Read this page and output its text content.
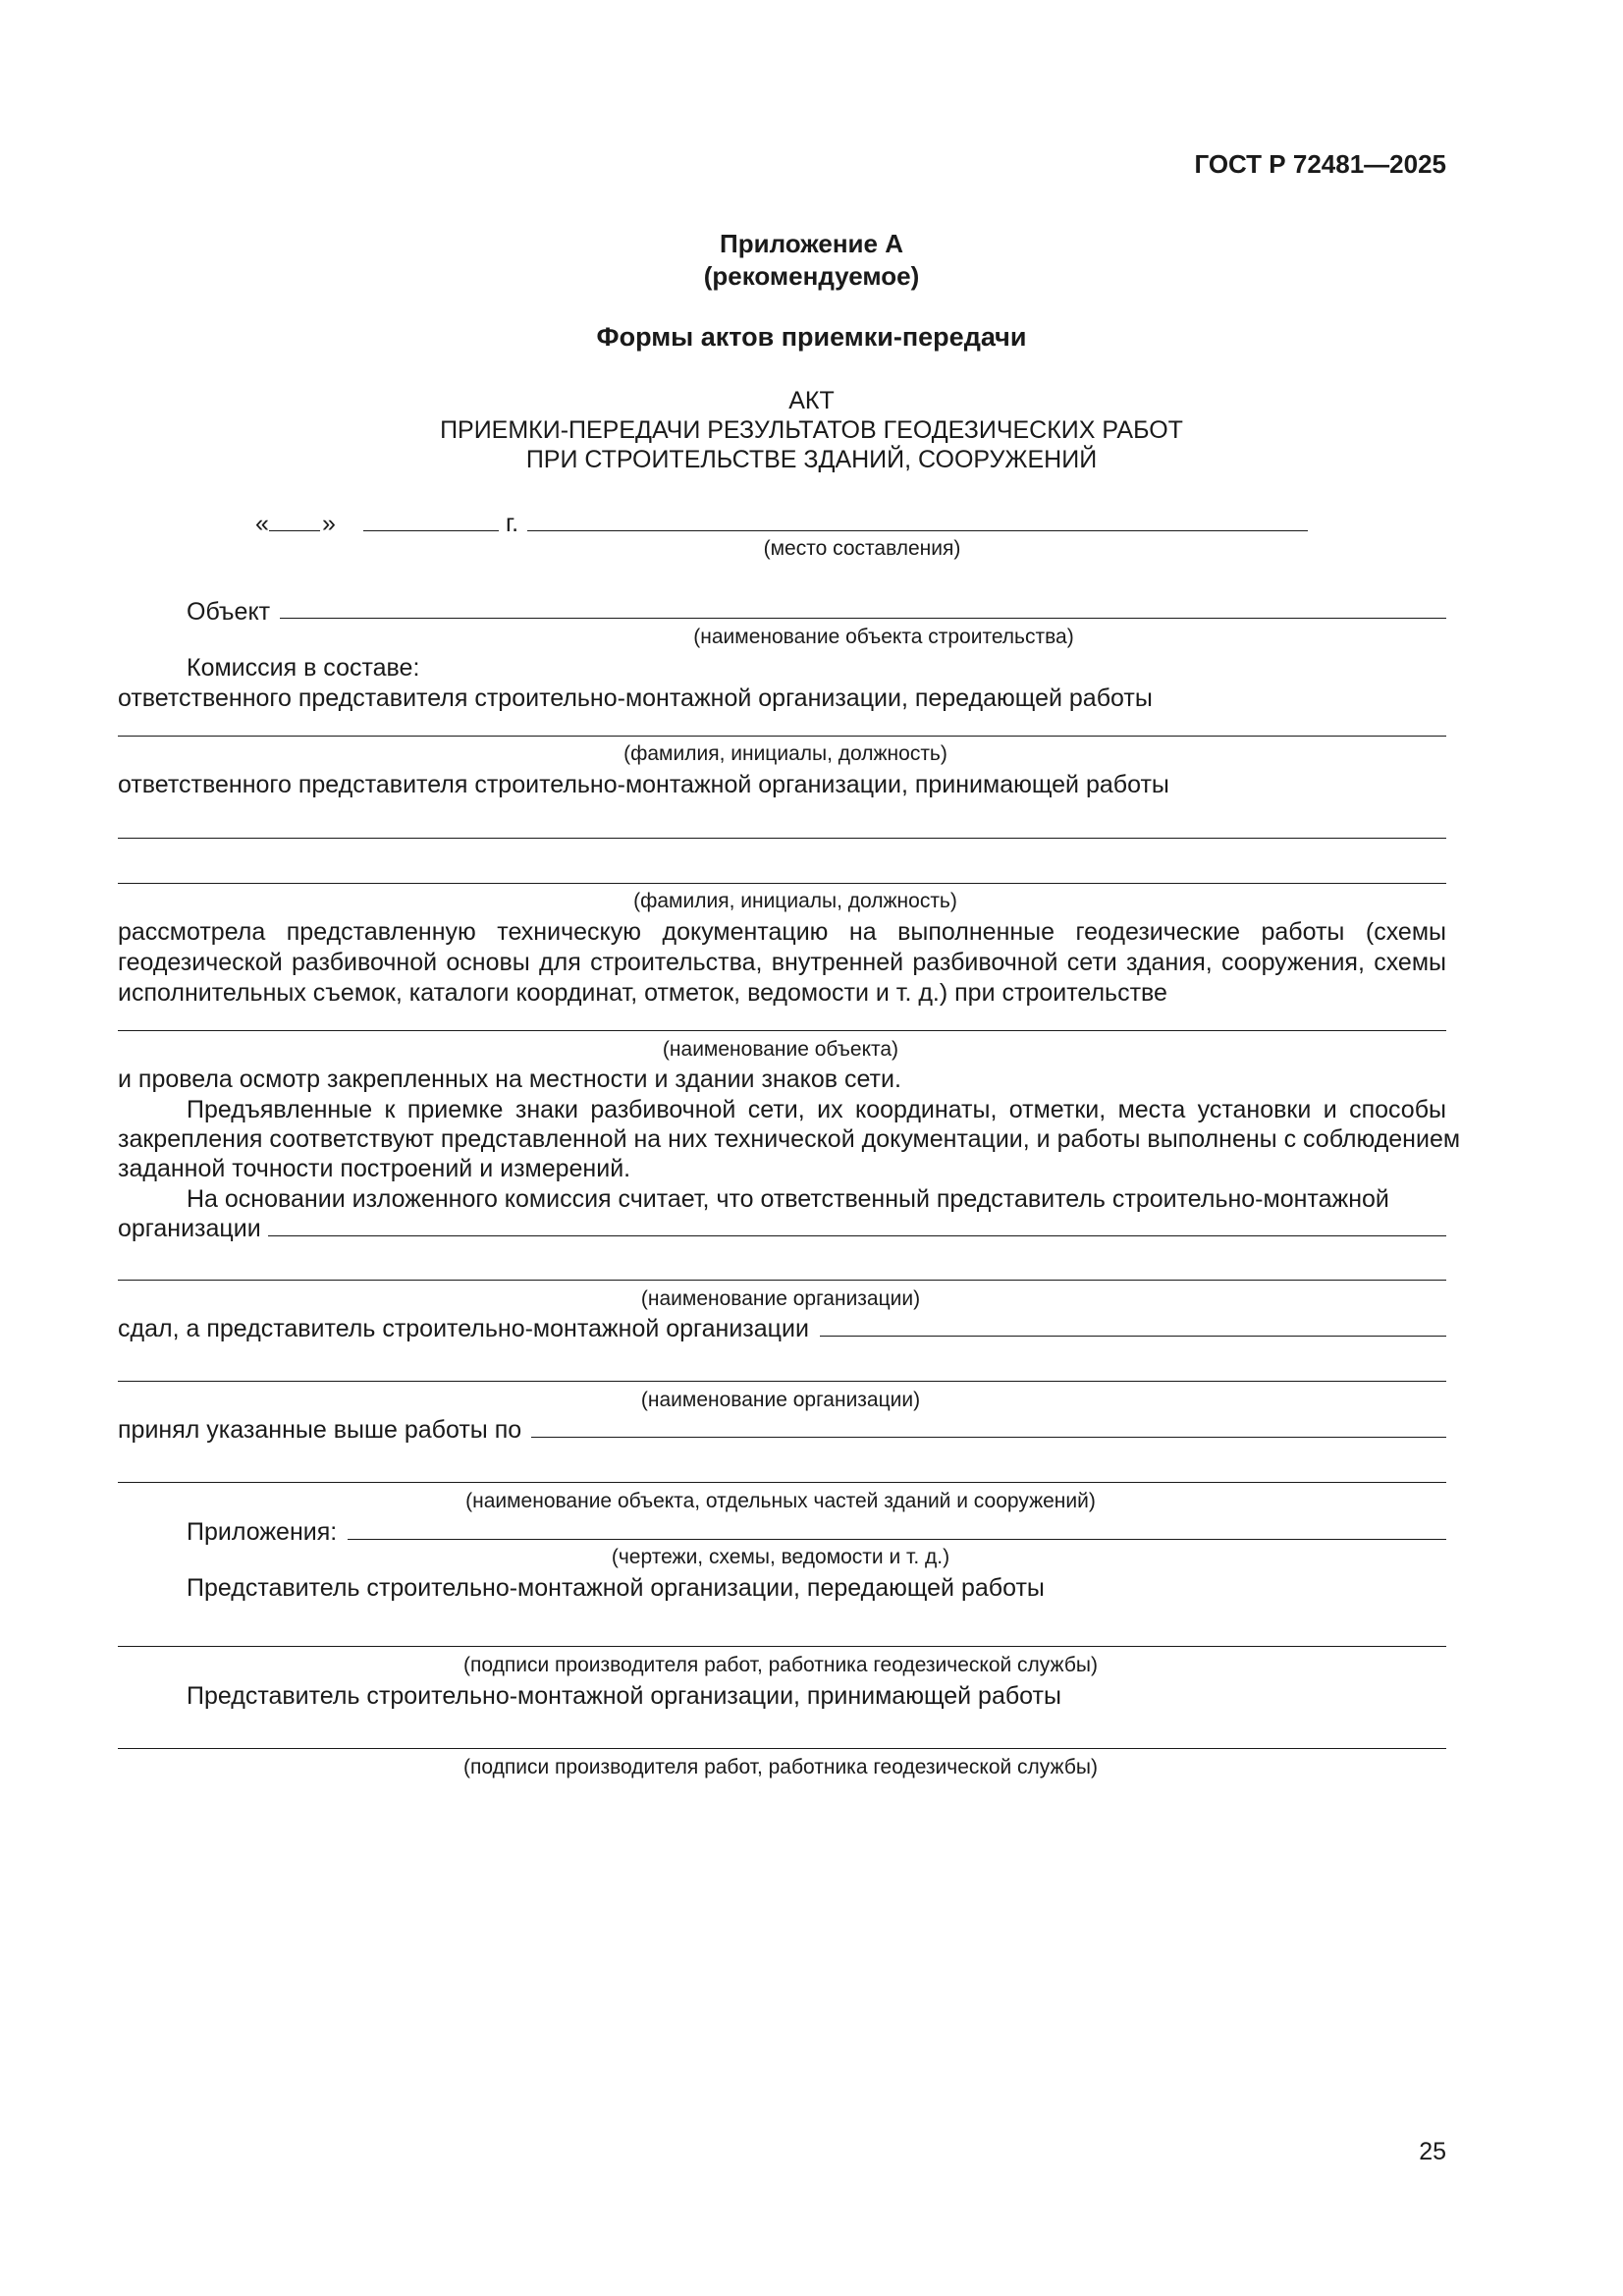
ГОСТ Р 72481—2025
Приложение А
(рекомендуемое)
Формы актов приемки-передачи
АКТ
ПРИЕМКИ-ПЕРЕДАЧИ РЕЗУЛЬТАТОВ ГЕОДЕЗИЧЕСКИХ РАБОТ
ПРИ СТРОИТЕЛЬСТВЕ ЗДАНИЙ, СООРУЖЕНИЙ
« »	г.
(место составления)
Объект
(наименование объекта строительства)
Комиссия в составе:
ответственного представителя строительно-монтажной организации, передающей работы
(фамилия, инициалы, должность)
ответственного представителя строительно-монтажной организации, принимающей работы
(фамилия, инициалы, должность)
рассмотрела представленную техническую документацию на выполненные геодезические работы (схемы
геодезической разбивочной основы для строительства, внутренней разбивочной сети здания, сооружения, схемы
исполнительных съемок, каталоги координат, отметок, ведомости и т. д.) при строительстве
(наименование объекта)
и провела осмотр закрепленных на местности и здании знаков сети.
Предъявленные к приемке знаки разбивочной сети, их координаты, отметки, места установки и способы
закрепления соответствуют представленной на них технической документации, и работы выполнены с соблюдением
заданной точности построений и измерений.
На основании изложенного комиссия считает, что ответственный представитель строительно-монтажной
организации
(наименование организации)
сдал, а представитель строительно-монтажной организации
(наименование организации)
принял указанные выше работы по
(наименование объекта, отдельных частей зданий и сооружений)
Приложения:
(чертежи, схемы, ведомости и т. д.)
Представитель строительно-монтажной организации, передающей работы
(подписи производителя работ, работника геодезической службы)
Представитель строительно-монтажной организации, принимающей работы
(подписи производителя работ, работника геодезической службы)
25
